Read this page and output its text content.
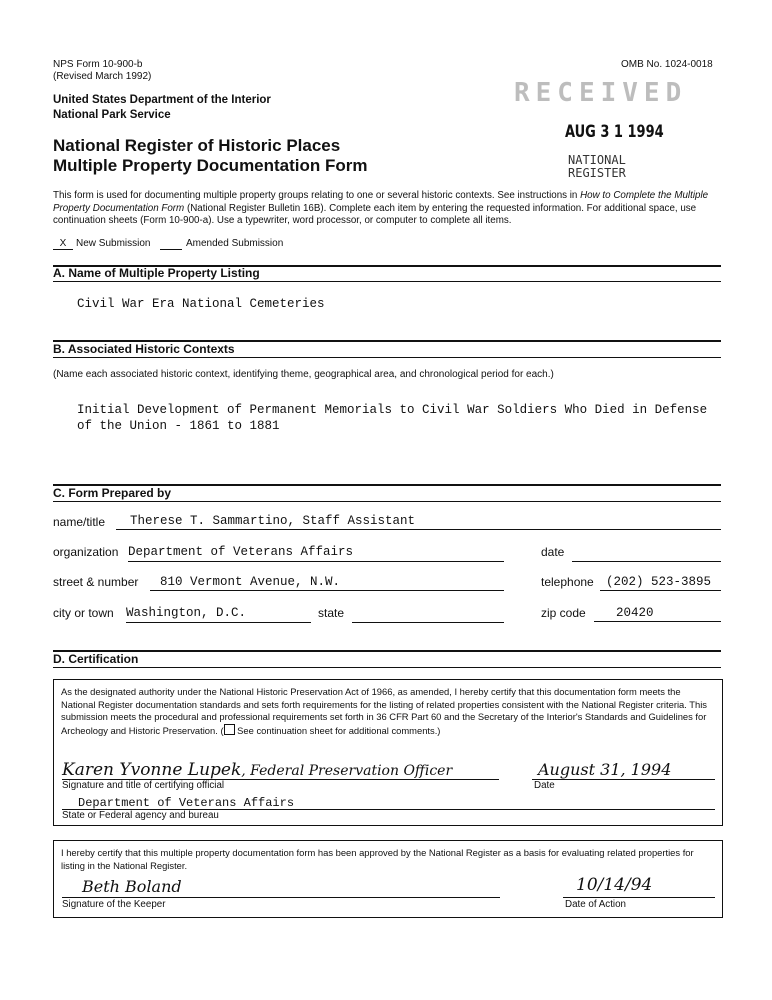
NPS Form 10-900-b
(Revised March 1992)
OMB No. 1024-0018
United States Department of the Interior
National Park Service
National Register of Historic Places
Multiple Property Documentation Form
RECEIVED
AUG 3 1 1994
NATIONAL
REGISTER
This form is used for documenting multiple property groups relating to one or several historic contexts. See instructions in How to Complete the Multiple Property Documentation Form (National Register Bulletin 16B). Complete each item by entering the requested information. For additional space, use continuation sheets (Form 10-900-a). Use a typewriter, word processor, or computer to complete all items.
X New Submission	Amended Submission
A. Name of Multiple Property Listing
Civil War Era National Cemeteries
B. Associated Historic Contexts
(Name each associated historic context, identifying theme, geographical area, and chronological period for each.)
Initial Development of Permanent Memorials to Civil War Soldiers Who Died in Defense
of the Union - 1861 to 1881
C. Form Prepared by
name/title	Therese T. Sammartino, Staff Assistant
organization Department of Veterans Affairs	date
street & number	810 Vermont Avenue, N.W.	telephone (202) 523-3895
city or town Washington, D.C.	state	zip code	20420
D. Certification
As the designated authority under the National Historic Preservation Act of 1966, as amended, I hereby certify that this documentation form meets the National Register documentation standards and sets forth requirements for the listing of related properties consistent with the National Register criteria. This submission meets the procedural and professional requirements set forth in 36 CFR Part 60 and the Secretary of the Interior's Standards and Guidelines for Archeology and Historic Preservation. ( See continuation sheet for additional comments.)
Karen Yvonne Lupek, Federal Preservation Officer
Signature and title of certifying official
August 31, 1994
Date
Department of Veterans Affairs
State or Federal agency and bureau
I hereby certify that this multiple property documentation form has been approved by the National Register as a basis for evaluating related properties for listing in the National Register.
Beth Boland
Signature of the Keeper
10/14/94
Date of Action
